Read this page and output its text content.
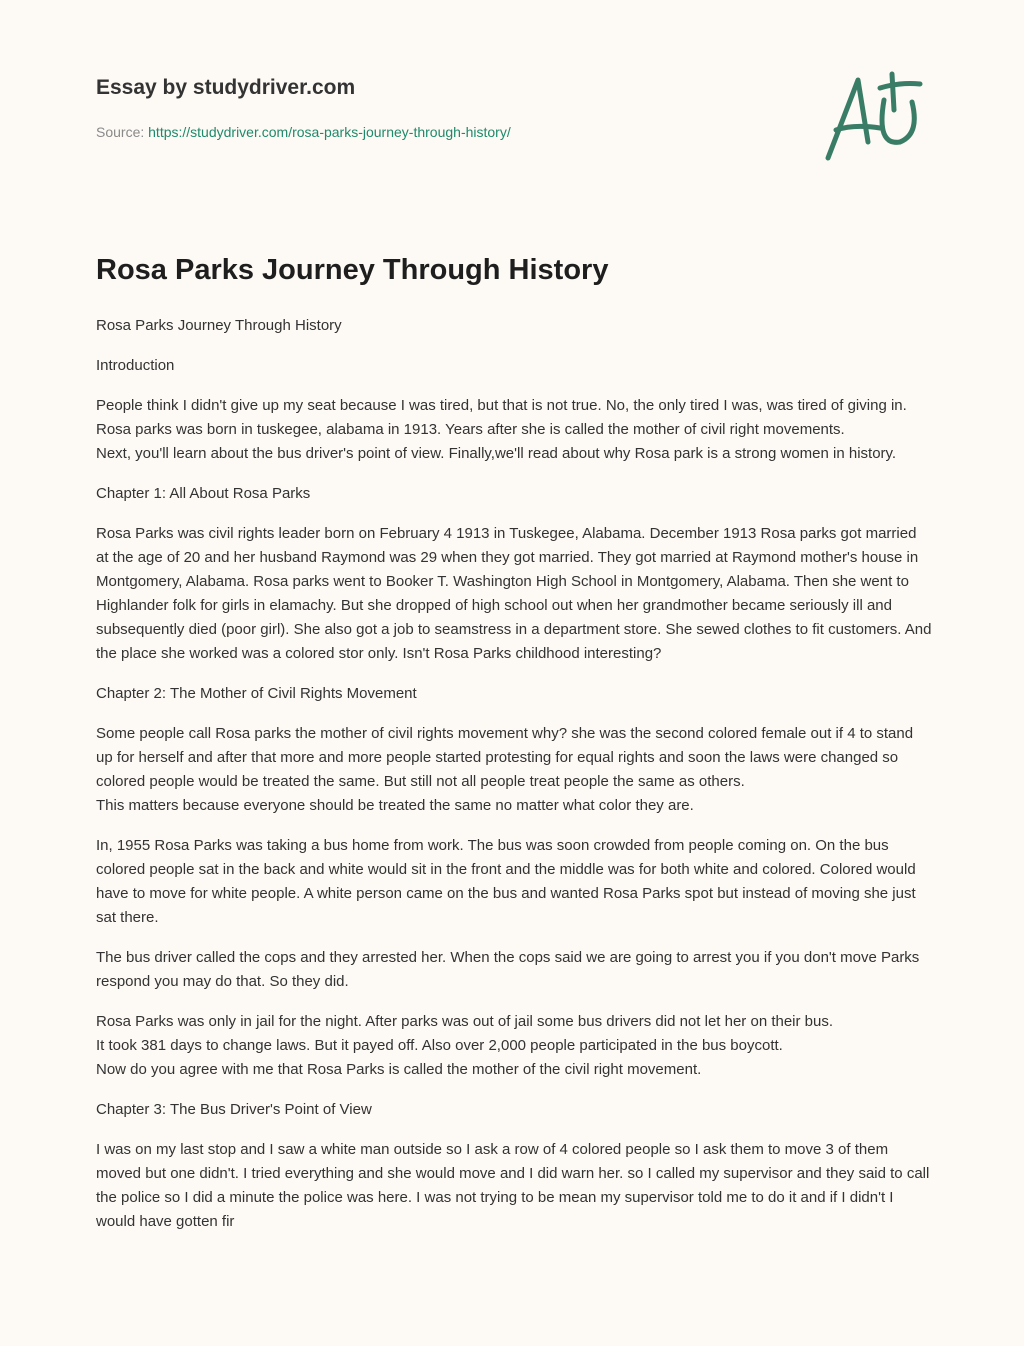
Essay by studydriver.com
Source: https://studydriver.com/rosa-parks-journey-through-history/
Rosa Parks Journey Through History

Rosa Parks Journey Through History

Introduction

People think I didn't give up my seat because I was tired, but that is not true. No, the only tired I was, was tired of giving in. Rosa parks was born in tuskegee, alabama in 1913. Years after she is called the mother of civil right movements.
Next, you'll learn about the bus driver's point of view. Finally,we'll read about why Rosa park is a strong women in history.

Chapter 1: All About Rosa Parks

Rosa Parks was civil rights leader born on February 4 1913 in Tuskegee, Alabama. December 1913 Rosa parks got married at the age of 20 and her husband Raymond was 29 when they got married. They got married at Raymond mother's house in Montgomery, Alabama. Rosa parks went to Booker T. Washington High School in Montgomery, Alabama. Then she went to Highlander folk for girls in elamachy. But she dropped of high school out when her grandmother became seriously ill and subsequently died (poor girl). She also got a job to seamstress in a department store. She sewed clothes to fit customers. And the place she worked was a colored stor only. Isn't Rosa Parks childhood interesting?

Chapter 2: The Mother of Civil Rights Movement

Some people call Rosa parks the mother of civil rights movement why? she was the second colored female out if 4 to stand up for herself and after that more and more people started protesting for equal rights and soon the laws were changed so colored people would be treated the same. But still not all people treat people the same as others.
This matters because everyone should be treated the same no matter what color they are.

In, 1955 Rosa Parks was taking a bus home from work. The bus was soon crowded from people coming on. On the bus colored people sat in the back and white would sit in the front and the middle was for both white and colored. Colored would have to move for white people. A white person came on the bus and wanted Rosa Parks spot but instead of moving she just sat there.

The bus driver called the cops and they arrested her. When the cops said we are going to arrest you if you don't move Parks respond you may do that. So they did.

Rosa Parks was only in jail for the night. After parks was out of jail some bus drivers did not let her on their bus.
It took 381 days to change laws. But it payed off. Also over 2,000 people participated in the bus boycott.
Now do you agree with me that Rosa Parks is called the mother of the civil right movement.

Chapter 3: The Bus Driver's Point of View

I was on my last stop and I saw a white man outside so I ask a row of 4 colored people so I ask them to move 3 of them moved but one didn't. I tried everything and she would move and I did warn her. so I called my supervisor and they said to call the police so I did a minute the police was here. I was not trying to be mean my supervisor told me to do it and if I didn't I would have gotten fir
